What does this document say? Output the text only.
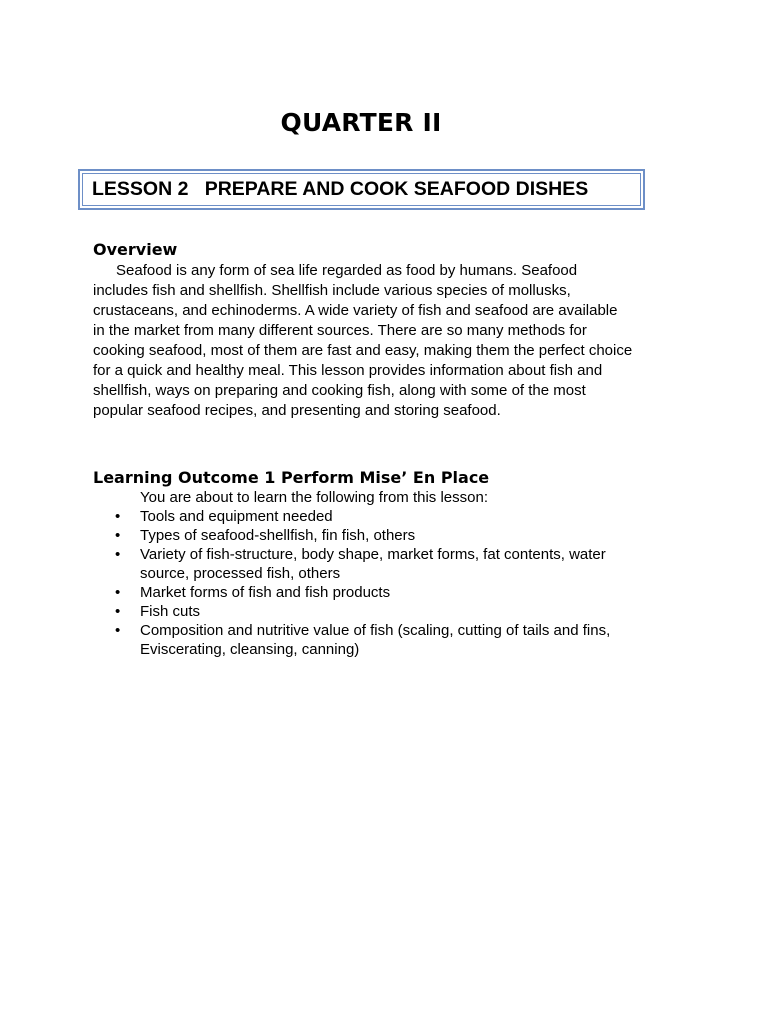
QUARTER II
LESSON 2   PREPARE AND COOK SEAFOOD DISHES
Overview

Seafood is any form of sea life regarded as food by humans. Seafood includes fish and shellfish. Shellfish include various species of mollusks, crustaceans, and echinoderms. A wide variety of fish and seafood are available in the market from many different sources. There are so many methods for cooking seafood, most of them are fast and easy, making them the perfect choice for a quick and healthy meal. This lesson provides information about fish and shellfish, ways on preparing and cooking fish, along with some of the most popular seafood recipes, and presenting and storing seafood.

Learning Outcome 1 Perform Mise’ En Place
You are about to learn the following from this lesson:
• Tools and equipment needed
• Types of seafood-shellfish, fin fish, others
• Variety of fish-structure, body shape, market forms, fat contents, water source, processed fish, others
• Market forms of fish and fish products
• Fish cuts
• Composition and nutritive value of fish (scaling, cutting of tails and fins, Eviscerating, cleansing, canning)
